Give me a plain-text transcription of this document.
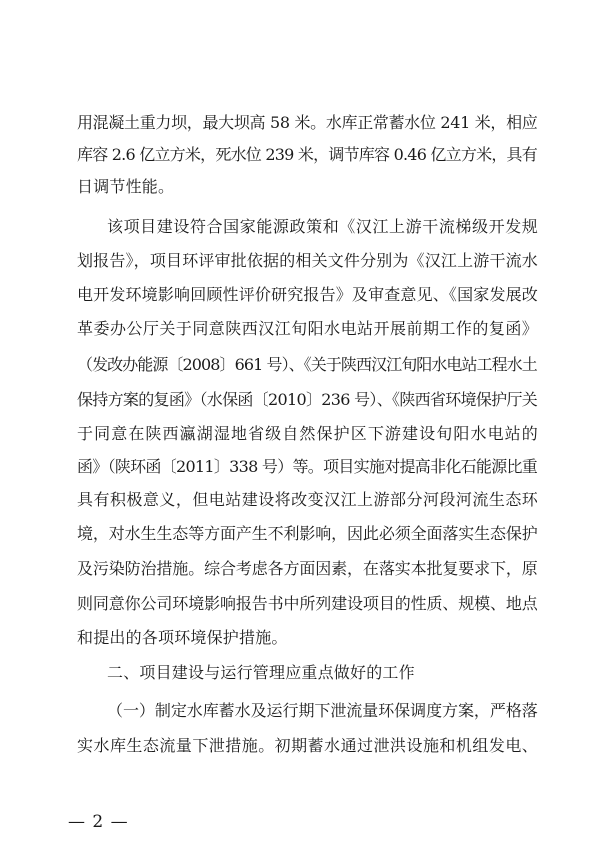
用混凝土重力坝，最大坝高 58 米。水库正常蓄水位 241 米，相应
库容 2.6 亿立方米，死水位 239 米，调节库容 0.46 亿立方米，具有
日调节性能。
该项目建设符合国家能源政策和《汉江上游干流梯级开发规
划报告》，项目环评审批依据的相关文件分别为《汉江上游干流水
电开发环境影响回顾性评价研究报告》及审查意见、《国家发展改
革委办公厅关于同意陕西汉江旬阳水电站开展前期工作的复函》
（发改办能源〔2008〕661 号）、《关于陕西汉江旬阳水电站工程水土
保持方案的复函》（水保函〔2010〕236 号）、《陕西省环境保护厅关
于同意在陕西瀛湖湿地省级自然保护区下游建设旬阳水电站的
函》（陕环函〔2011〕338 号）等。项目实施对提高非化石能源比重
具有积极意义，但电站建设将改变汉江上游部分河段河流生态环
境，对水生生态等方面产生不利影响，因此必须全面落实生态保护
及污染防治措施。综合考虑各方面因素，在落实本批复要求下，原
则同意你公司环境影响报告书中所列建设项目的性质、规模、地点
和提出的各项环境保护措施。
二、项目建设与运行管理应重点做好的工作
（一）制定水库蓄水及运行期下泄流量环保调度方案，严格落
实水库生态流量下泄措施。初期蓄水通过泄洪设施和机组发电、
— 2 —
